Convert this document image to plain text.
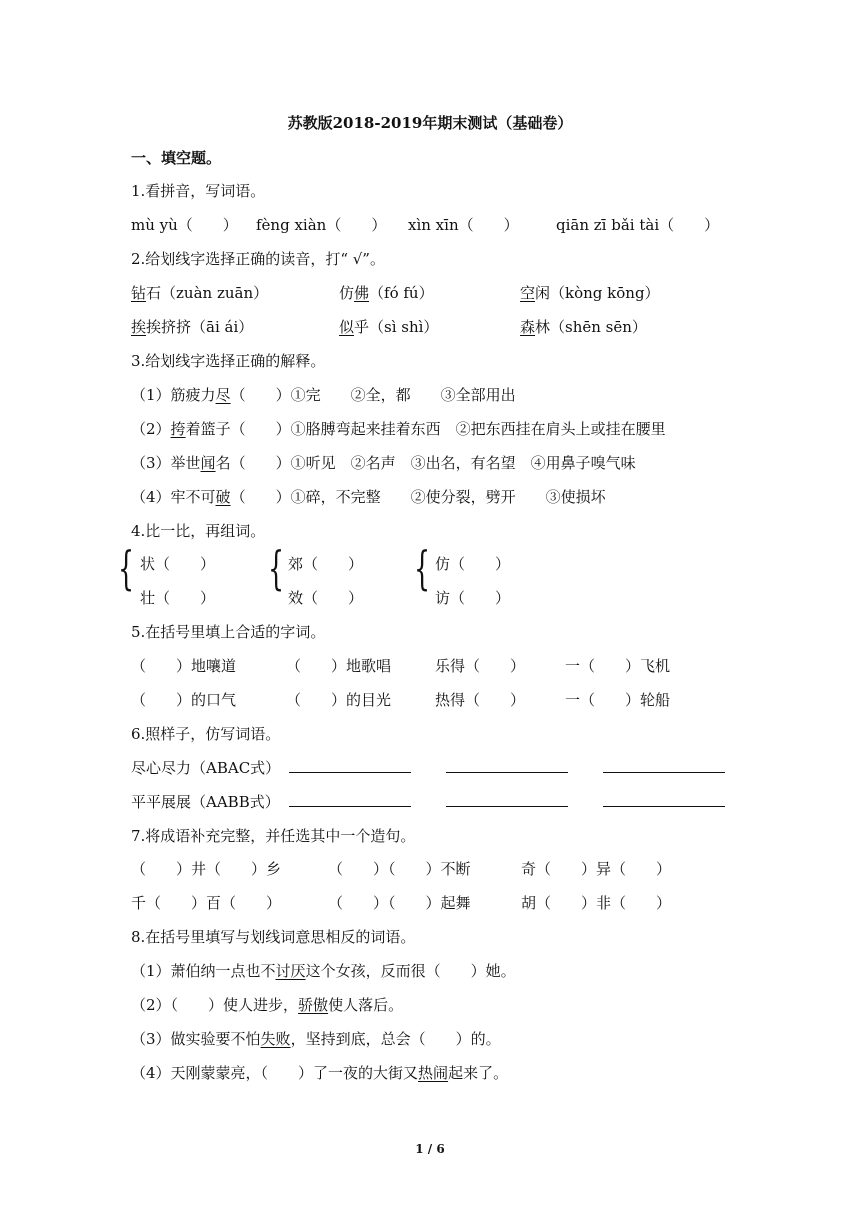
苏教版2018-2019年期末测试（基础卷）
一、填空题。
1.看拼音，写词语。
mù yù（　　） fèng xiàn（　　） xìn xīn（　　） qiān zī bǎi tài（　　）
2.给划线字选择正确的读音，打“ √”。
钻石（zuàn zuān）	仿佛（fó fú）	空闲（kòng kōng）
挨挨挤挤（āi ái）	似乎（sì shì）	森林（shēn sēn）
3.给划线字选择正确的解释。
（1）筋疲力尽（　　）①完　　②全，都　　③全部用出
（2）挎着篮子（　　）①胳膊弯起来挂着东西　②把东西挂在肩头上或挂在腰里
（3）举世闻名（　　）①听见　②名声　③出名，有名望　④用鼻子嗅气味
（4）牢不可破（　　）①碎，不完整　　②使分裂，劈开　　③使损坏
4.比一比，再组词。
{ 状（　　）
壮（　　）
{ 郊（　　）
效（　　）
{ 仿（　　）
访（　　）
5.在括号里填上合适的字词。
（　　）地嚷道	（　　）地歌唱	乐得（　　）	一（　　）飞机
（　　）的口气	（　　）的目光	热得（　　）	一（　　）轮船
6.照样子，仿写词语。
尽心尽力（ABAC式）
平平展展（AABB式）
7.将成语补充完整，并任选其中一个造句。
（　　）井（　　）乡	（　　）（　　）不断	奇（　　）异（　　）
千（　　）百（　　）	（　　）（　　）起舞	胡（　　）非（　　）
8.在括号里填写与划线词意思相反的词语。
（1）萧伯纳一点也不讨厌这个女孩，反而很（　　）她。
（2）（　　）使人进步，骄傲使人落后。
（3）做实验要不怕失败，坚持到底，总会（　　）的。
（4）天刚蒙蒙亮，（　　）了一夜的大街又热闹起来了。
1 / 6
